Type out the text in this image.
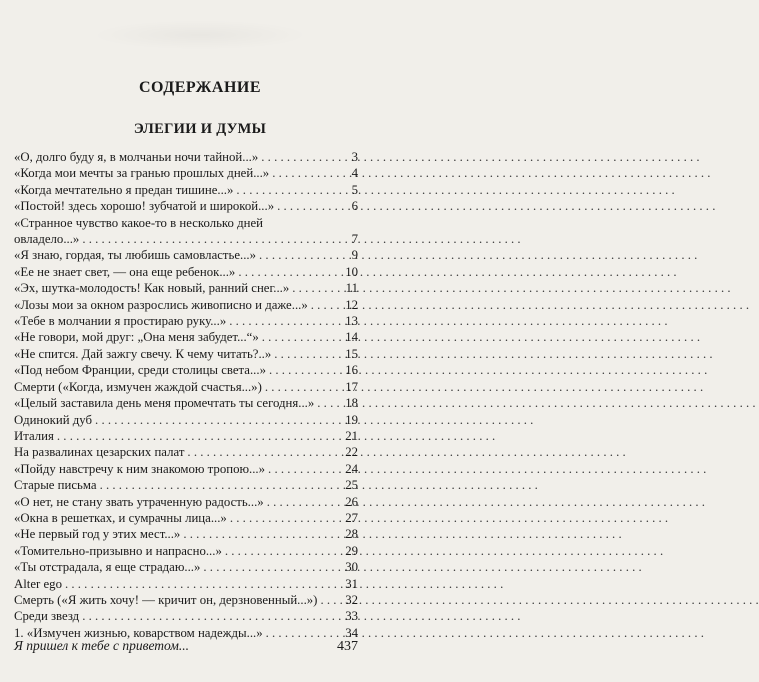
СОДЕРЖАНИЕ
ЭЛЕГИИ И ДУМЫ
«О, долго буду я, в молчаньи ночи тайной...» . . .	3
«Когда мои мечты за гранью прошлых дней...» . . .	4
«Когда мечтательно я предан тишине...» . . .	5
«Постой! здесь хорошо! зубчатой и широкой...» . . .	6
«Странное чувство какое-то в несколько дней
овладело...» . . .	7
«Я знаю, гордая, ты любишь самовластье...» . . .	9
«Ее не знает свет, — она еще ребенок...» . . .	10
«Эх, шутка-молодость! Как новый, ранний снег...» . . .	11
«Лозы мои за окном разрослись живописно и даже...» . . .	12
«Тебе в молчании я простираю руку...» . . .	13
«Не говори, мой друг: „Она меня забудет...“» . . .	14
«Не спится. Дай зажгу свечу. К чему читать?..» . . .	15
«Под небом Франции, среди столицы света...» . . .	16
Смерти («Когда, измучен жаждой счастья...») . . .	17
«Целый заставила день меня промечтать ты сегодня...» . . . 18
Одинокий дуб . . .	19
Италия . . .	21
На развалинах цезарских палат . . .	22
«Пойду навстречу к ним знакомою тропою...» . . .	24
Старые письма . . .	25
«О нет, не стану звать утраченную радость...» . . .	26
«Окна в решетках, и сумрачны лица...» . . .	27
«Не первый год у этих мест...» . . .	28
«Томительно-призывно и напрасно...» . . .	29
«Ты отстрадала, я еще страдаю...» . . .	30
Alter ego . . .	31
Смерть («Я жить хочу! — кричит он, дерзновенный...») . . . 32
Среди звезд . . .	33
1. «Измучен жизнью, коварством надежды...» . . .	34
Я пришел к тебе с приветом...	437
